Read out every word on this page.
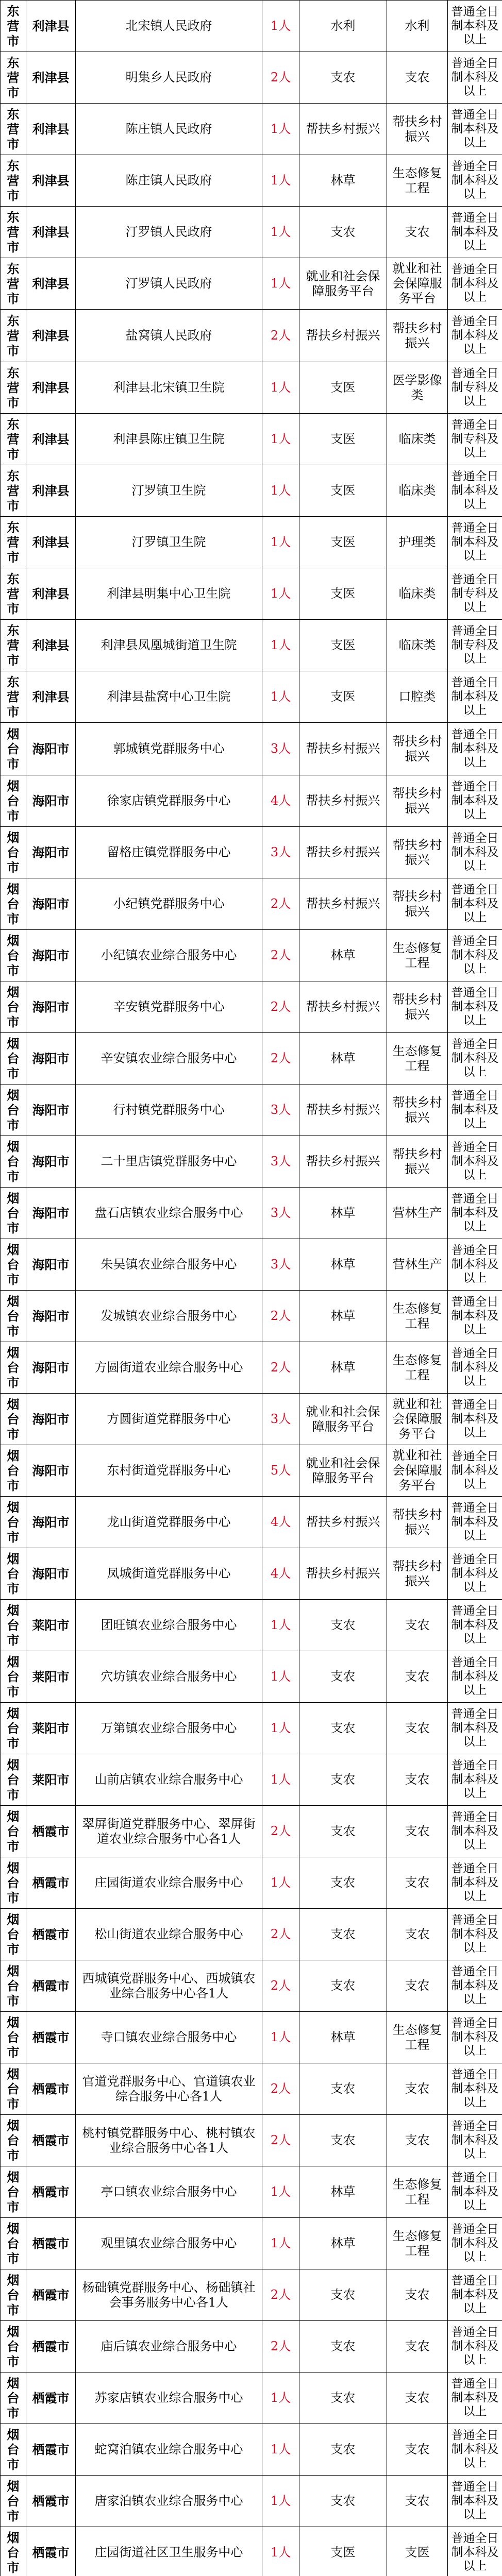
东营市	利津县	北宋镇人民政府	1人	水利	水利	普通全日制本科及以上
东营市	利津县	明集乡人民政府	2人	支农	支农	普通全日制本科及以上
东营市	利津县	陈庄镇人民政府	1人	帮扶乡村振兴	帮扶乡村振兴	普通全日制本科及以上
东营市	利津县	陈庄镇人民政府	1人	林草	生态修复工程	普通全日制本科及以上
东营市	利津县	汀罗镇人民政府	1人	支农	支农	普通全日制本科及以上
东营市	利津县	汀罗镇人民政府	1人	就业和社会保障服务平台	就业和社会保障服务平台	普通全日制本科及以上
东营市	利津县	盐窝镇人民政府	2人	帮扶乡村振兴	帮扶乡村振兴	普通全日制本科及以上
东营市	利津县	利津县北宋镇卫生院	1人	支医	医学影像类	普通全日制专科及以上
东营市	利津县	利津县陈庄镇卫生院	1人	支医	临床类	普通全日制专科及以上
东营市	利津县	汀罗镇卫生院	1人	支医	临床类	普通全日制本科及以上
东营市	利津县	汀罗镇卫生院	1人	支医	护理类	普通全日制本科及以上
东营市	利津县	利津县明集中心卫生院	1人	支医	临床类	普通全日制专科及以上
东营市	利津县	利津县凤凰城街道卫生院	1人	支医	临床类	普通全日制专科及以上
东营市	利津县	利津县盐窝中心卫生院	1人	支医	口腔类	普通全日制本科及以上
烟台市	海阳市	郭城镇党群服务中心	3人	帮扶乡村振兴	帮扶乡村振兴	普通全日制本科及以上
烟台市	海阳市	徐家店镇党群服务中心	4人	帮扶乡村振兴	帮扶乡村振兴	普通全日制本科及以上
烟台市	海阳市	留格庄镇党群服务中心	3人	帮扶乡村振兴	帮扶乡村振兴	普通全日制本科及以上
烟台市	海阳市	小纪镇党群服务中心	2人	帮扶乡村振兴	帮扶乡村振兴	普通全日制本科及以上
烟台市	海阳市	小纪镇农业综合服务中心	2人	林草	生态修复工程	普通全日制本科及以上
烟台市	海阳市	辛安镇党群服务中心	2人	帮扶乡村振兴	帮扶乡村振兴	普通全日制本科及以上
烟台市	海阳市	辛安镇农业综合服务中心	2人	林草	生态修复工程	普通全日制本科及以上
烟台市	海阳市	行村镇党群服务中心	3人	帮扶乡村振兴	帮扶乡村振兴	普通全日制本科及以上
烟台市	海阳市	二十里店镇党群服务中心	3人	帮扶乡村振兴	帮扶乡村振兴	普通全日制本科及以上
烟台市	海阳市	盘石店镇农业综合服务中心	3人	林草	营林生产	普通全日制本科及以上
烟台市	海阳市	朱吴镇农业综合服务中心	3人	林草	营林生产	普通全日制本科及以上
烟台市	海阳市	发城镇农业综合服务中心	2人	林草	生态修复工程	普通全日制本科及以上
烟台市	海阳市	方圆街道农业综合服务中心	2人	林草	生态修复工程	普通全日制本科及以上
烟台市	海阳市	方圆街道党群服务中心	3人	就业和社会保障服务平台	就业和社会保障服务平台	普通全日制本科及以上
烟台市	海阳市	东村街道党群服务中心	5人	就业和社会保障服务平台	就业和社会保障服务平台	普通全日制本科及以上
烟台市	海阳市	龙山街道党群服务中心	4人	帮扶乡村振兴	帮扶乡村振兴	普通全日制本科及以上
烟台市	海阳市	凤城街道党群服务中心	4人	帮扶乡村振兴	帮扶乡村振兴	普通全日制本科及以上
烟台市	莱阳市	团旺镇农业综合服务中心	1人	支农	支农	普通全日制本科及以上
烟台市	莱阳市	穴坊镇农业综合服务中心	1人	支农	支农	普通全日制本科及以上
烟台市	莱阳市	万第镇农业综合服务中心	1人	支农	支农	普通全日制本科及以上
烟台市	莱阳市	山前店镇农业综合服务中心	1人	支农	支农	普通全日制本科及以上
烟台市	栖霞市	翠屏街道党群服务中心、翠屏街道农业综合服务中心各1人	2人	支农	支农	普通全日制本科及以上
烟台市	栖霞市	庄园街道农业综合服务中心	1人	支农	支农	普通全日制本科及以上
烟台市	栖霞市	松山街道农业综合服务中心	2人	支农	支农	普通全日制本科及以上
烟台市	栖霞市	西城镇党群服务中心、西城镇农业综合服务中心各1人	2人	支农	支农	普通全日制本科及以上
烟台市	栖霞市	寺口镇农业综合服务中心	1人	林草	生态修复工程	普通全日制本科及以上
烟台市	栖霞市	官道党群服务中心、官道镇农业综合服务中心各1人	2人	支农	支农	普通全日制本科及以上
烟台市	栖霞市	桃村镇党群服务中心、桃村镇农业综合服务中心各1人	2人	支农	支农	普通全日制本科及以上
烟台市	栖霞市	亭口镇农业综合服务中心	1人	林草	生态修复工程	普通全日制本科及以上
烟台市	栖霞市	观里镇农业综合服务中心	1人	林草	生态修复工程	普通全日制本科及以上
烟台市	栖霞市	杨础镇党群服务中心、杨础镇社会事务服务中心各1人	2人	支农	支农	普通全日制本科及以上
烟台市	栖霞市	庙后镇农业综合服务中心	2人	支农	支农	普通全日制本科及以上
烟台市	栖霞市	苏家店镇农业综合服务中心	1人	支农	支农	普通全日制本科及以上
烟台市	栖霞市	蛇窝泊镇农业综合服务中心	1人	支农	支农	普通全日制本科及以上
烟台市	栖霞市	唐家泊镇农业综合服务中心	1人	支农	支农	普通全日制本科及以上
烟台市	栖霞市	庄园街道社区卫生服务中心	1人	支医	支医	普通全日制本科及以上
